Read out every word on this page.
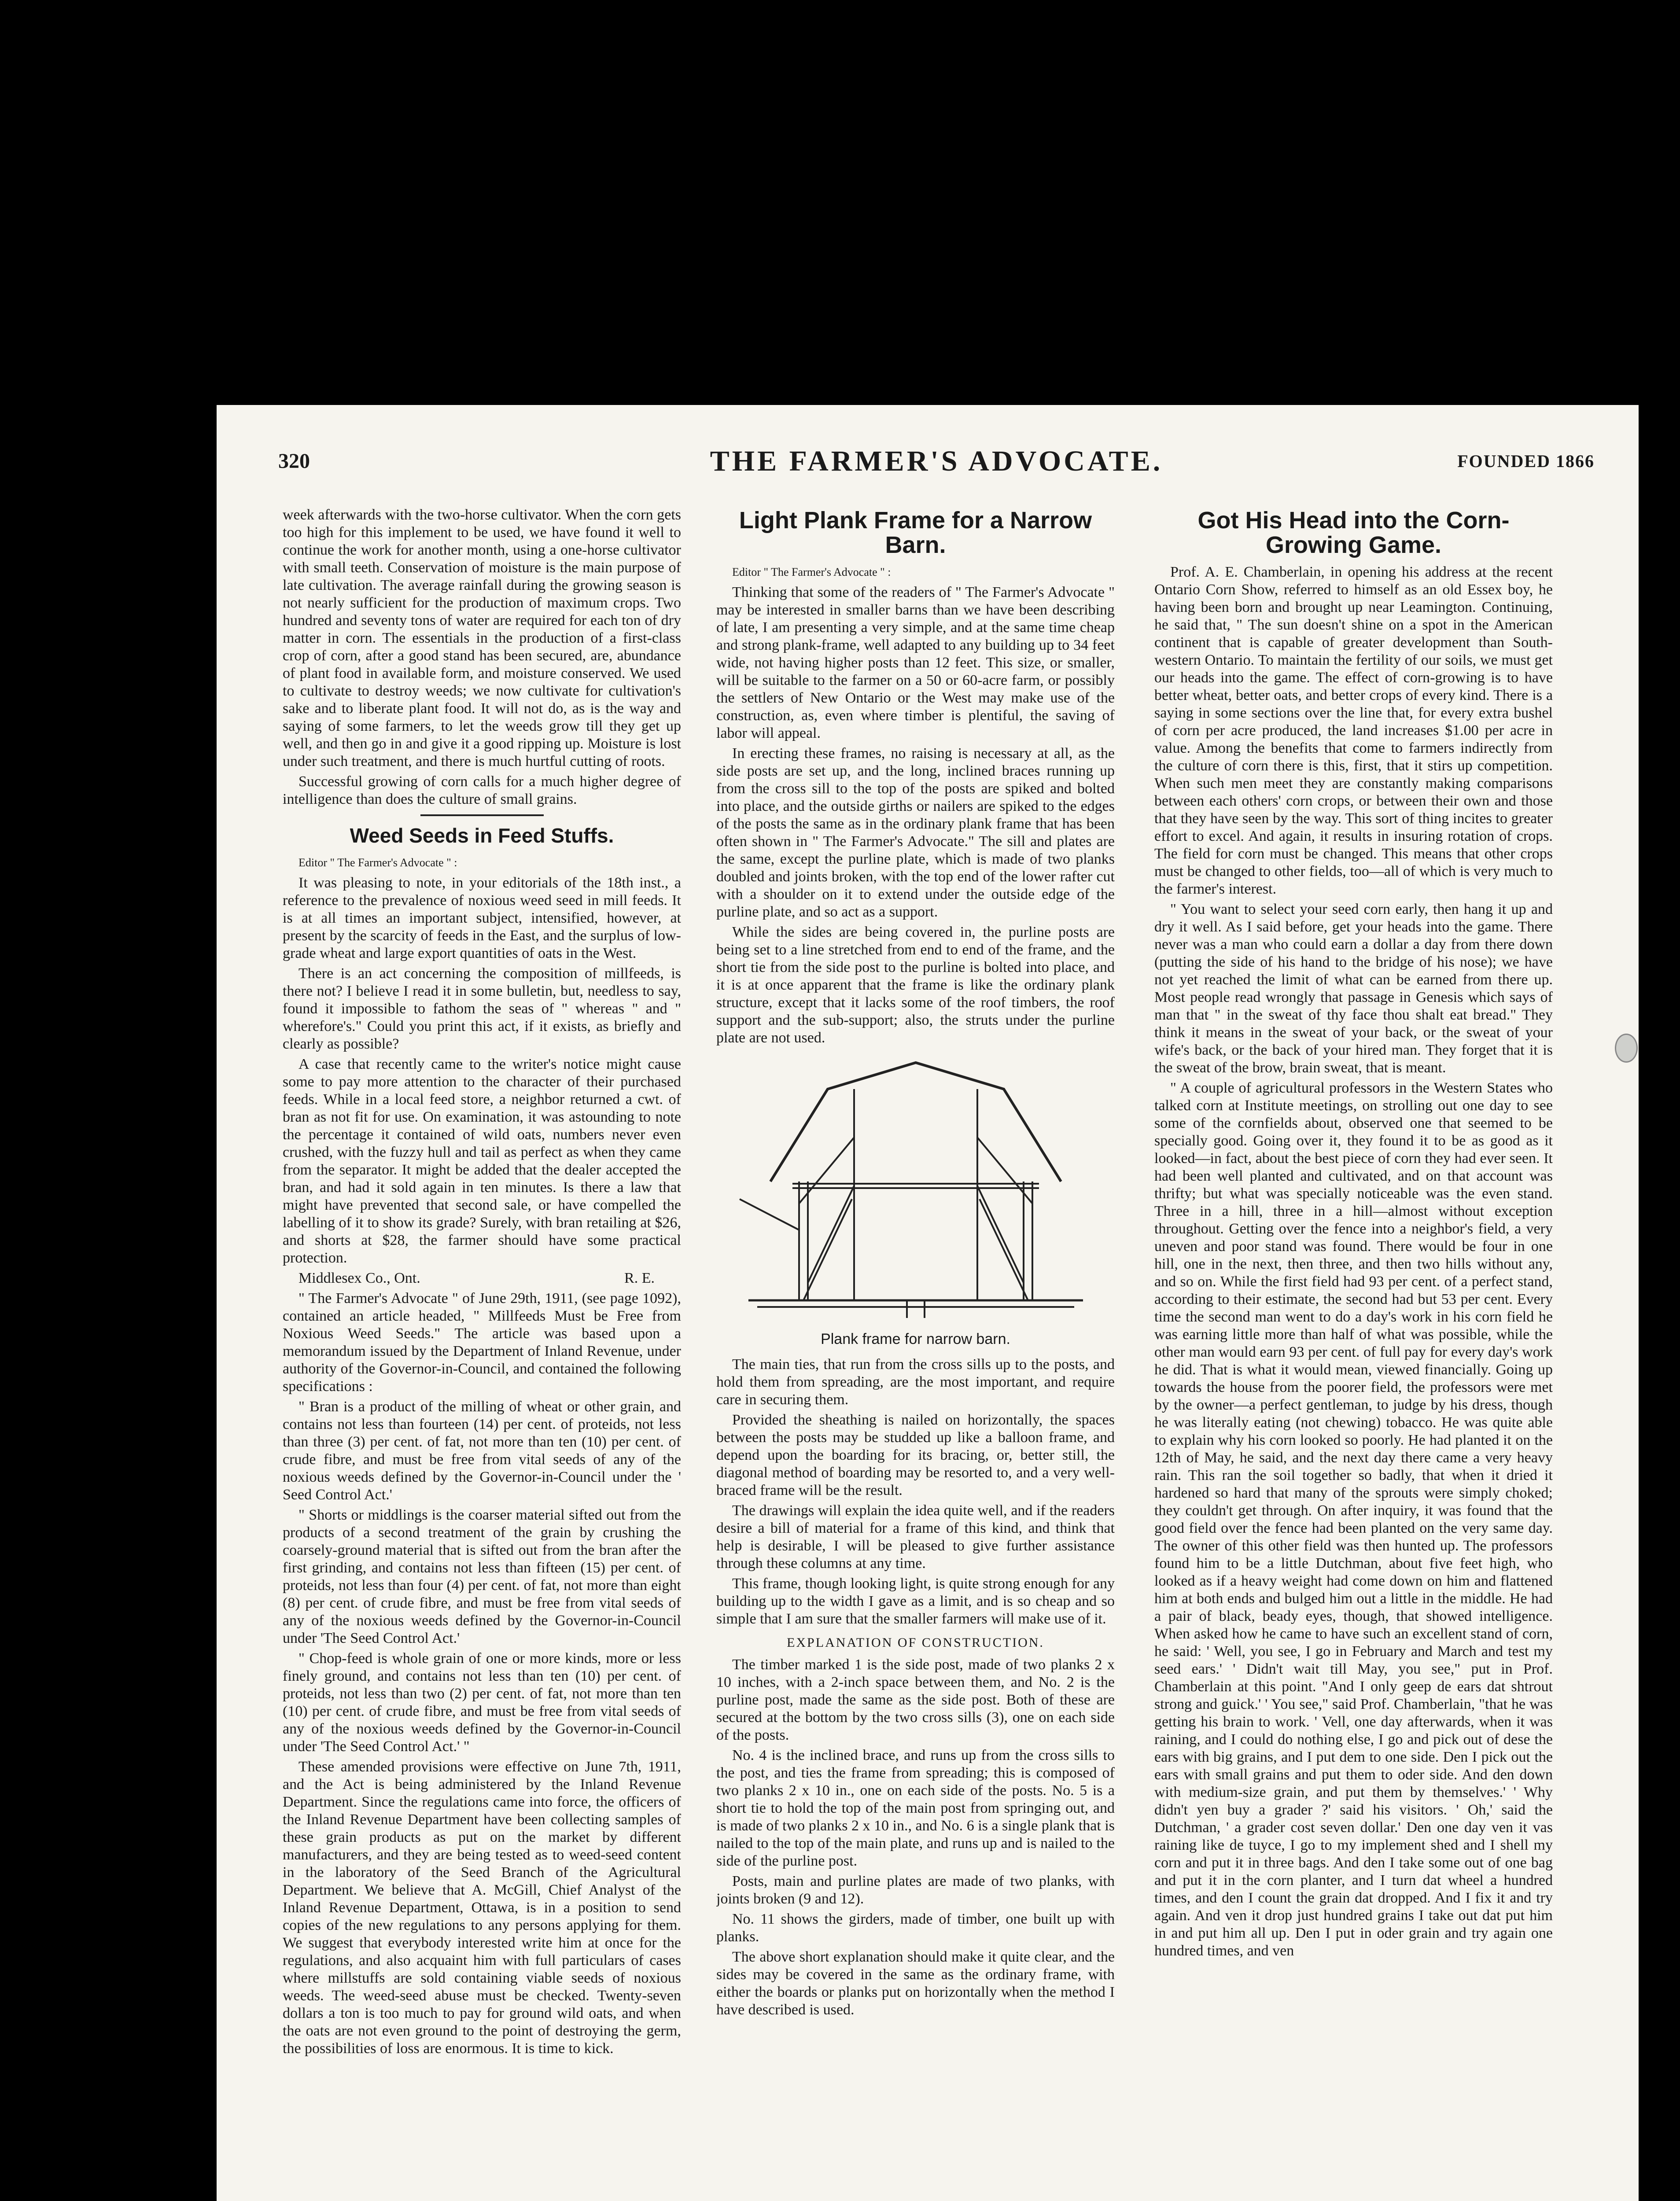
320	THE FARMER'S ADVOCATE.	FOUNDED 1866

week afterwards with the two-horse cultivator. When the corn gets too high for this implement to be used, we have found it well to continue the work for another month, using a one-horse cultivator with small teeth. Conservation of moisture is the main purpose of late cultivation. The average rainfall during the growing season is not nearly sufficient for the production of maximum crops. Two hundred and seventy tons of water are required for each ton of dry matter in corn. The essentials in the production of a first-class crop of corn, after a good stand has been secured, are, abundance of plant food in available form, and moisture conserved. We used to cultivate to destroy weeds; we now cultivate for cultivation's sake and to liberate plant food. It will not do, as is the way and saying of some farmers, to let the weeds grow till they get up well, and then go in and give it a good ripping up. Moisture is lost under such treatment, and there is much hurtful cutting of roots.

Successful growing of corn calls for a much higher degree of intelligence than does the culture of small grains.

Weed Seeds in Feed Stuffs.

Editor " The Farmer's Advocate " :

It was pleasing to note, in your editorials of the 18th inst., a reference to the prevalence of noxious weed seed in mill feeds. It is at all times an important subject, intensified, however, at present by the scarcity of feeds in the East, and the surplus of low-grade wheat and large export quantities of oats in the West.

There is an act concerning the composition of millfeeds, is there not? I believe I read it in some bulletin, but, needless to say, found it impossible to fathom the seas of " whereas " and " wherefore's." Could you print this act, if it exists, as briefly and clearly as possible?

A case that recently came to the writer's notice might cause some to pay more attention to the character of their purchased feeds. While in a local feed store, a neighbor returned a cwt. of bran as not fit for use. On examination, it was astounding to note the percentage it contained of wild oats, numbers never even crushed, with the fuzzy hull and tail as perfect as when they came from the separator. It might be added that the dealer accepted the bran, and had it sold again in ten minutes. Is there a law that might have prevented that second sale, or have compelled the labelling of it to show its grade? Surely, with bran retailing at $26, and shorts at $28, the farmer should have some practical protection.

Middlesex Co., Ont.	R. E.

" The Farmer's Advocate " of June 29th, 1911, (see page 1092), contained an article headed, " Millfeeds Must be Free from Noxious Weed Seeds." The article was based upon a memorandum issued by the Department of Inland Revenue, under authority of the Governor-in-Council, and contained the following specifications :

" Bran is a product of the milling of wheat or other grain, and contains not less than fourteen (14) per cent. of proteids, not less than three (3) per cent. of fat, not more than ten (10) per cent. of crude fibre, and must be free from vital seeds of any of the noxious weeds defined by the Governor-in-Council under the ' Seed Control Act.'

" Shorts or middlings is the coarser material sifted out from the products of a second treatment of the grain by crushing the coarsely-ground material that is sifted out from the bran after the first grinding, and contains not less than fifteen (15) per cent. of proteids, not less than four (4) per cent. of fat, not more than eight (8) per cent. of crude fibre, and must be free from vital seeds of any of the noxious weeds defined by the Governor-in-Council under 'The Seed Control Act.'

" Chop-feed is whole grain of one or more kinds, more or less finely ground, and contains not less than ten (10) per cent. of proteids, not less than two (2) per cent. of fat, not more than ten (10) per cent. of crude fibre, and must be free from vital seeds of any of the noxious weeds defined by the Governor-in-Council under 'The Seed Control Act.' "

These amended provisions were effective on June 7th, 1911, and the Act is being administered by the Inland Revenue Department. Since the regulations came into force, the officers of the Inland Revenue Department have been collecting samples of these grain products as put on the market by different manufacturers, and they are being tested as to weed-seed content in the laboratory of the Seed Branch of the Agricultural Department. We believe that A. McGill, Chief Analyst of the Inland Revenue Department, Ottawa, is in a position to send copies of the new regulations to any persons applying for them. We suggest that everybody interested write him at once for the regulations, and also acquaint him with full particulars of cases where millstuffs are sold containing viable seeds of noxious weeds. The weed-seed abuse must be checked. Twenty-seven dollars a ton is too much to pay for ground wild oats, and when the oats are not even ground to the point of destroying the germ, the possibilities of loss are enormous. It is time to kick.

Light Plank Frame for a Narrow Barn.

Editor " The Farmer's Advocate " :

Thinking that some of the readers of " The Farmer's Advocate " may be interested in smaller barns than we have been describing of late, I am presenting a very simple, and at the same time cheap and strong plank-frame, well adapted to any building up to 34 feet wide, not having higher posts than 12 feet. This size, or smaller, will be suitable to the farmer on a 50 or 60-acre farm, or possibly the settlers of New Ontario or the West may make use of the construction, as, even where timber is plentiful, the saving of labor will appeal.

In erecting these frames, no raising is necessary at all, as the side posts are set up, and the long, inclined braces running up from the cross sill to the top of the posts are spiked and bolted into place, and the outside girths or nailers are spiked to the edges of the posts the same as in the ordinary plank frame that has been often shown in " The Farmer's Advocate." The sill and plates are the same, except the purline plate, which is made of two planks doubled and joints broken, with the top end of the lower rafter cut with a shoulder on it to extend under the outside edge of the purline plate, and so act as a support.

While the sides are being covered in, the purline posts are being set to a line stretched from end to end of the frame, and the short tie from the side post to the purline is bolted into place, and it is at once apparent that the frame is like the ordinary plank structure, except that it lacks some of the roof timbers, the roof support and the sub-support; also, the struts under the purline plate are not used.

Plank frame for narrow barn.

The main ties, that run from the cross sills up to the posts, and hold them from spreading, are the most important, and require care in securing them.

Provided the sheathing is nailed on horizontally, the spaces between the posts may be studded up like a balloon frame, and depend upon the boarding for its bracing, or, better still, the diagonal method of boarding may be resorted to, and a very well-braced frame will be the result.

The drawings will explain the idea quite well, and if the readers desire a bill of material for a frame of this kind, and think that help is desirable, I will be pleased to give further assistance through these columns at any time.

This frame, though looking light, is quite strong enough for any building up to the width I gave as a limit, and is so cheap and so simple that I am sure that the smaller farmers will make use of it.

EXPLANATION OF CONSTRUCTION.

The timber marked 1 is the side post, made of two planks 2 x 10 inches, with a 2-inch space between them, and No. 2 is the purline post, made the same as the side post. Both of these are secured at the bottom by the two cross sills (3), one on each side of the posts.

No. 4 is the inclined brace, and runs up from the cross sills to the post, and ties the frame from spreading; this is composed of two planks 2 x 10 in., one on each side of the posts. No. 5 is a short tie to hold the top of the main post from springing out, and is made of two planks 2 x 10 in., and No. 6 is a single plank that is nailed to the top of the main plate, and runs up and is nailed to the side of the purline post.

Posts, main and purline plates are made of two planks, with joints broken (9 and 12).

No. 11 shows the girders, made of timber, one built up with planks.

The above short explanation should make it quite clear, and the sides may be covered in the same as the ordinary frame, with either the boards or planks put on horizontally when the method I have described is used.

Got His Head into the Corn-Growing Game.

Prof. A. E. Chamberlain, in opening his address at the recent Ontario Corn Show, referred to himself as an old Essex boy, he having been born and brought up near Leamington. Continuing, he said that, " The sun doesn't shine on a spot in the American continent that is capable of greater development than South-western Ontario. To maintain the fertility of our soils, we must get our heads into the game. The effect of corn-growing is to have better wheat, better oats, and better crops of every kind. There is a saying in some sections over the line that, for every extra bushel of corn per acre produced, the land increases $1.00 per acre in value. Among the benefits that come to farmers indirectly from the culture of corn there is this, first, that it stirs up competition. When such men meet they are constantly making comparisons between each others' corn crops, or between their own and those that they have seen by the way. This sort of thing incites to greater effort to excel. And again, it results in insuring rotation of crops. The field for corn must be changed. This means that other crops must be changed to other fields, too—all of which is very much to the farmer's interest.

" You want to select your seed corn early, then hang it up and dry it well. As I said before, get your heads into the game. There never was a man who could earn a dollar a day from there down (putting the side of his hand to the bridge of his nose); we have not yet reached the limit of what can be earned from there up. Most people read wrongly that passage in Genesis which says of man that " in the sweat of thy face thou shalt eat bread." They think it means in the sweat of your back, or the sweat of your wife's back, or the back of your hired man. They forget that it is the sweat of the brow, brain sweat, that is meant.

" A couple of agricultural professors in the Western States who talked corn at Institute meetings, on strolling out one day to see some of the cornfields about, observed one that seemed to be specially good. Going over it, they found it to be as good as it looked—in fact, about the best piece of corn they had ever seen. It had been well planted and cultivated, and on that account was thrifty; but what was specially noticeable was the even stand. Three in a hill, three in a hill—almost without exception throughout. Getting over the fence into a neighbor's field, a very uneven and poor stand was found. There would be four in one hill, one in the next, then three, and then two hills without any, and so on. While the first field had 93 per cent. of a perfect stand, according to their estimate, the second had but 53 per cent. Every time the second man went to do a day's work in his corn field he was earning little more than half of what was possible, while the other man would earn 93 per cent. of full pay for every day's work he did. That is what it would mean, viewed financially. Going up towards the house from the poorer field, the professors were met by the owner—a perfect gentleman, to judge by his dress, though he was literally eating (not chewing) tobacco. He was quite able to explain why his corn looked so poorly. He had planted it on the 12th of May, he said, and the next day there came a very heavy rain. This ran the soil together so badly, that when it dried it hardened so hard that many of the sprouts were simply choked; they couldn't get through. On after inquiry, it was found that the good field over the fence had been planted on the very same day. The owner of this other field was then hunted up. The professors found him to be a little Dutchman, about five feet high, who looked as if a heavy weight had come down on him and flattened him at both ends and bulged him out a little in the middle. He had a pair of black, beady eyes, though, that showed intelligence. When asked how he came to have such an excellent stand of corn, he said: ' Well, you see, I go in February and March and test my seed ears.' ' Didn't wait till May, you see," put in Prof. Chamberlain at this point. "And I only geep de ears dat shtrout strong and guick.' ' You see," said Prof. Chamberlain, "that he was getting his brain to work. ' Vell, one day afterwards, when it was raining, and I could do nothing else, I go and pick out of dese the ears with big grains, and I put dem to one side. Den I pick out the ears with small grains and put them to oder side. And den down with medium-size grain, and put them by themselves.' ' Why didn't yen buy a grader ?' said his visitors. ' Oh,' said the Dutchman, ' a grader cost seven dollar.' Den one day ven it vas raining like de tuyce, I go to my implement shed and I shell my corn and put it in three bags. And den I take some out of one bag and put it in the corn planter, and I turn dat wheel a hundred times, and den I count the grain dat dropped. And I fix it and try again. And ven it drop just hundred grains I take out dat put him in and put him all up. Den I put in oder grain and try again one hundred times, and ven
